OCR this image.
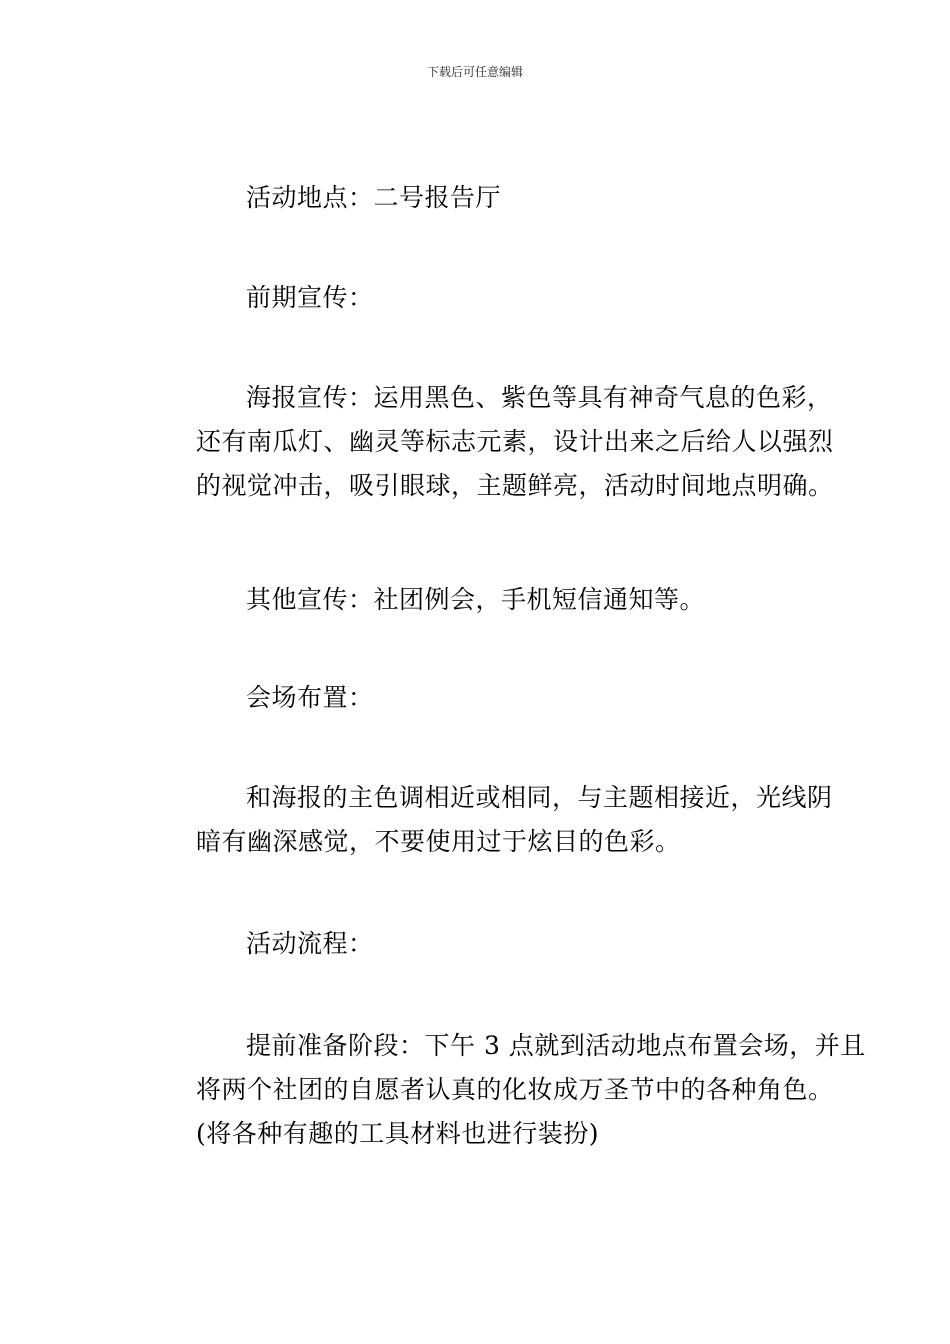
下载后可任意编辑
活动地点：二号报告厅
前期宣传：
海报宣传：运用黑色、紫色等具有神奇气息的色彩，
还有南瓜灯、幽灵等标志元素，设计出来之后给人以强烈
的视觉冲击，吸引眼球，主题鲜亮，活动时间地点明确。
其他宣传：社团例会，手机短信通知等。
会场布置：
和海报的主色调相近或相同，与主题相接近，光线阴
暗有幽深感觉，不要使用过于炫目的色彩。
活动流程：
提前准备阶段：下午 3 点就到活动地点布置会场，并且
将两个社团的自愿者认真的化妆成万圣节中的各种角色。
(将各种有趣的工具材料也进行装扮)
